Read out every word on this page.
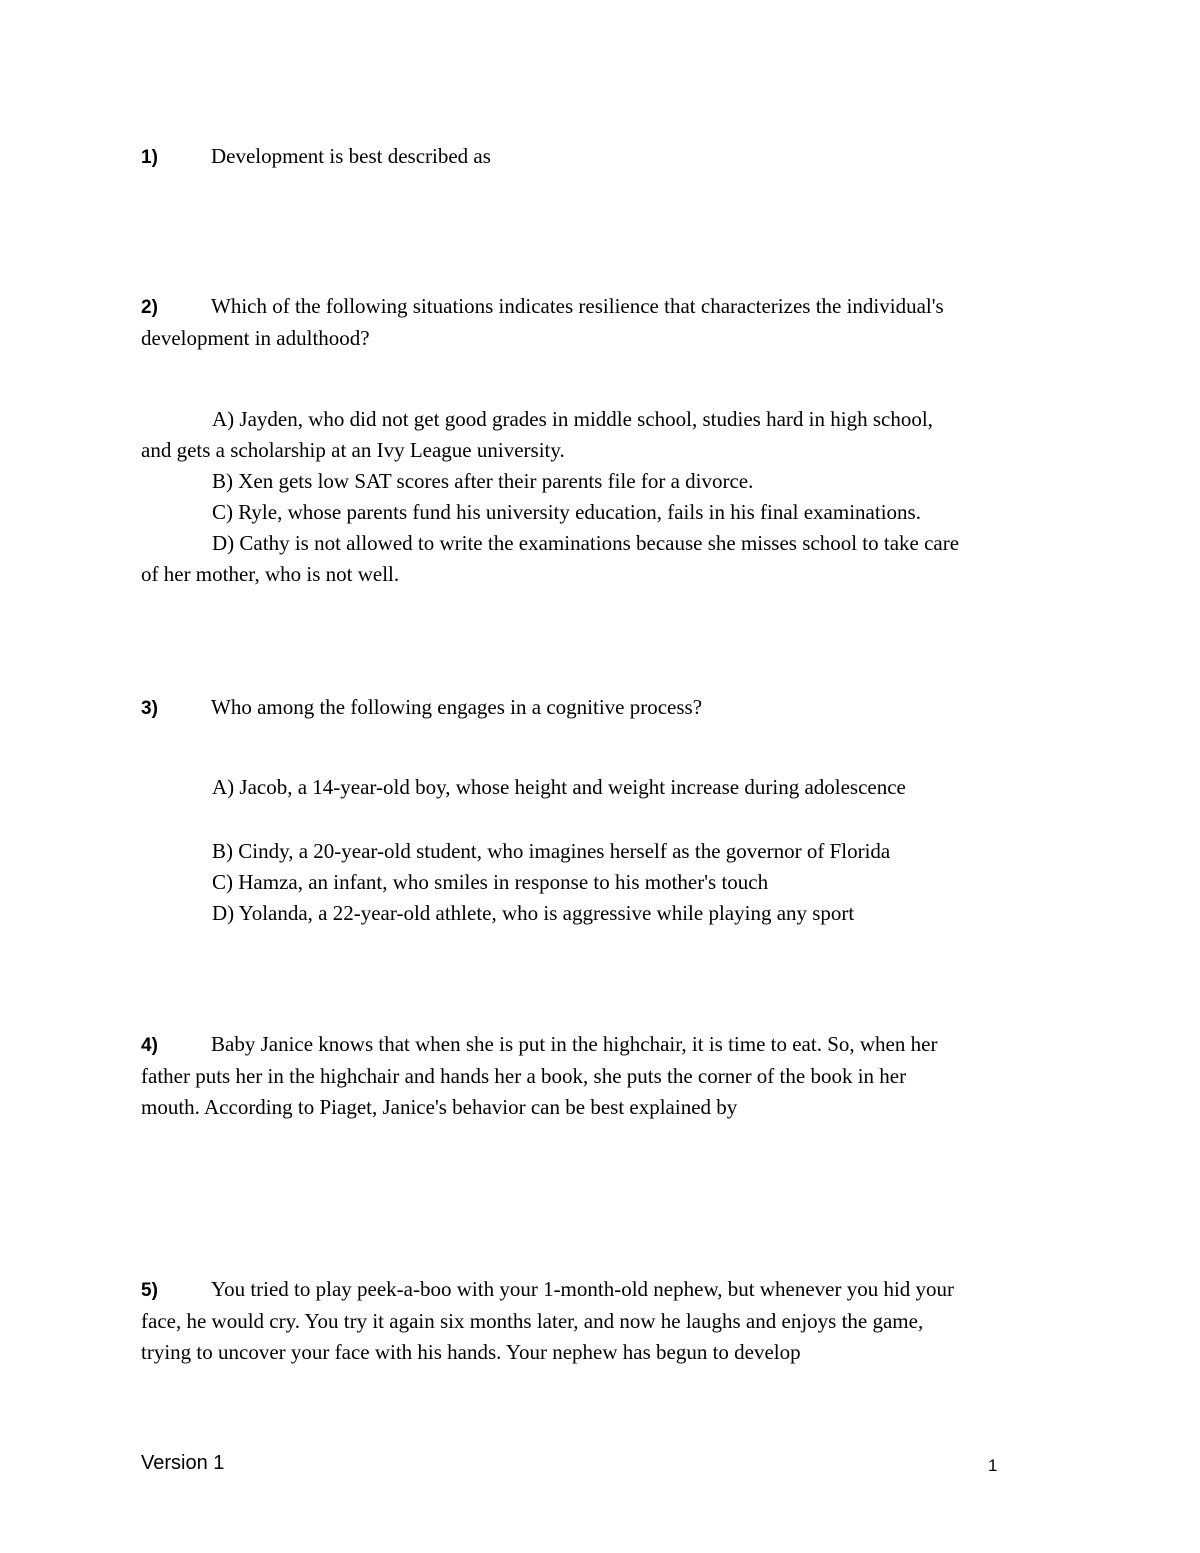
1)	Development is best described as
2)	Which of the following situations indicates resilience that characterizes the individual's
development in adulthood?
A) Jayden, who did not get good grades in middle school, studies hard in high school,
and gets a scholarship at an Ivy League university.
B) Xen gets low SAT scores after their parents file for a divorce.
C) Ryle, whose parents fund his university education, fails in his final examinations.
D) Cathy is not allowed to write the examinations because she misses school to take care
of her mother, who is not well.
3)	Who among the following engages in a cognitive process?
A) Jacob, a 14-year-old boy, whose height and weight increase during adolescence
B) Cindy, a 20-year-old student, who imagines herself as the governor of Florida
C) Hamza, an infant, who smiles in response to his mother's touch
D) Yolanda, a 22-year-old athlete, who is aggressive while playing any sport
4)	Baby Janice knows that when she is put in the highchair, it is time to eat. So, when her
father puts her in the highchair and hands her a book, she puts the corner of the book in her
mouth. According to Piaget, Janice's behavior can be best explained by
5)	You tried to play peek-a-boo with your 1-month-old nephew, but whenever you hid your
face, he would cry. You try it again six months later, and now he laughs and enjoys the game,
trying to uncover your face with his hands. Your nephew has begun to develop
Version 1	1
